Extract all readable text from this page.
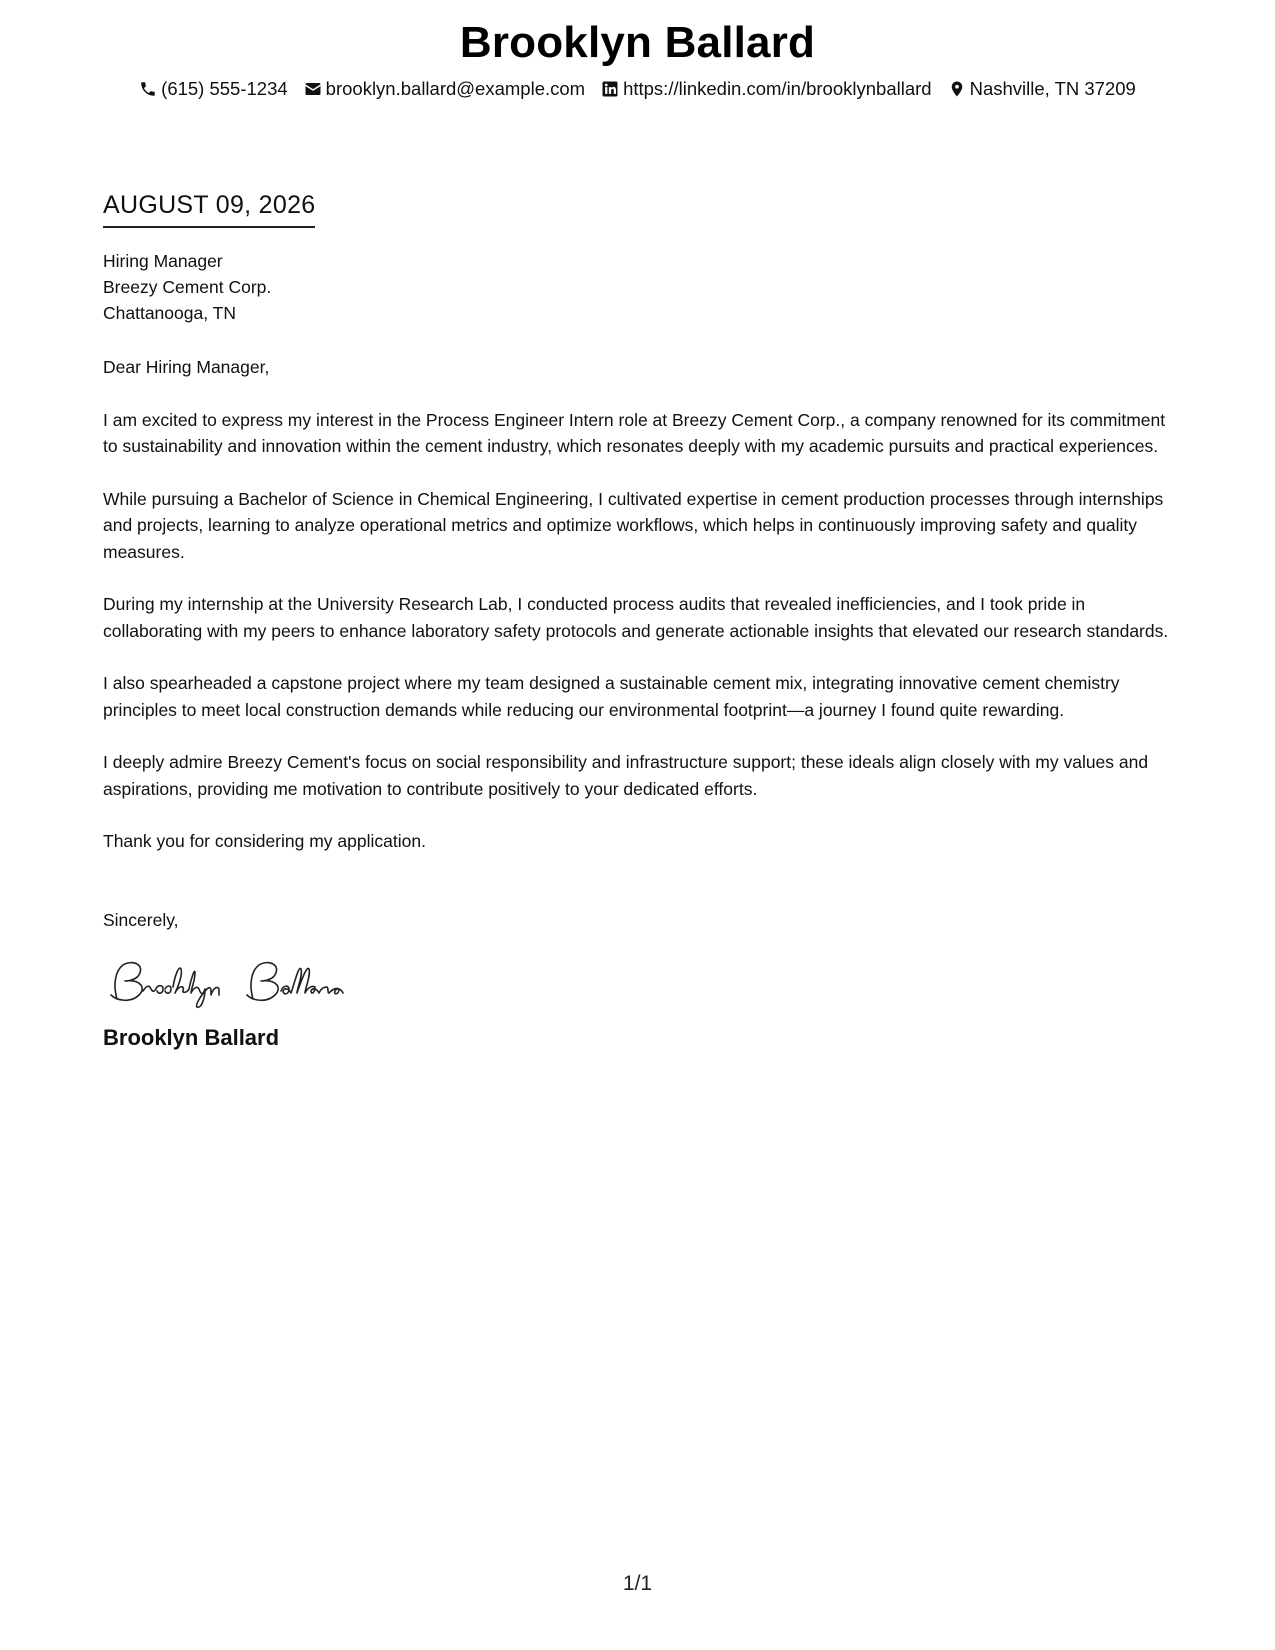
Brooklyn Ballard
(615) 555-1234 brooklyn.ballard@example.com https://linkedin.com/in/brooklynballard Nashville, TN 37209
AUGUST 09, 2026
Hiring Manager
Breezy Cement Corp.
Chattanooga, TN
Dear Hiring Manager,
I am excited to express my interest in the Process Engineer Intern role at Breezy Cement Corp., a company renowned for its commitment to sustainability and innovation within the cement industry, which resonates deeply with my academic pursuits and practical experiences.
While pursuing a Bachelor of Science in Chemical Engineering, I cultivated expertise in cement production processes through internships and projects, learning to analyze operational metrics and optimize workflows, which helps in continuously improving safety and quality measures.
During my internship at the University Research Lab, I conducted process audits that revealed inefficiencies, and I took pride in collaborating with my peers to enhance laboratory safety protocols and generate actionable insights that elevated our research standards.
I also spearheaded a capstone project where my team designed a sustainable cement mix, integrating innovative cement chemistry principles to meet local construction demands while reducing our environmental footprint—a journey I found quite rewarding.
I deeply admire Breezy Cement's focus on social responsibility and infrastructure support; these ideals align closely with my values and aspirations, providing me motivation to contribute positively to your dedicated efforts.
Thank you for considering my application.
Sincerely,
Brooklyn Ballard
1/1
